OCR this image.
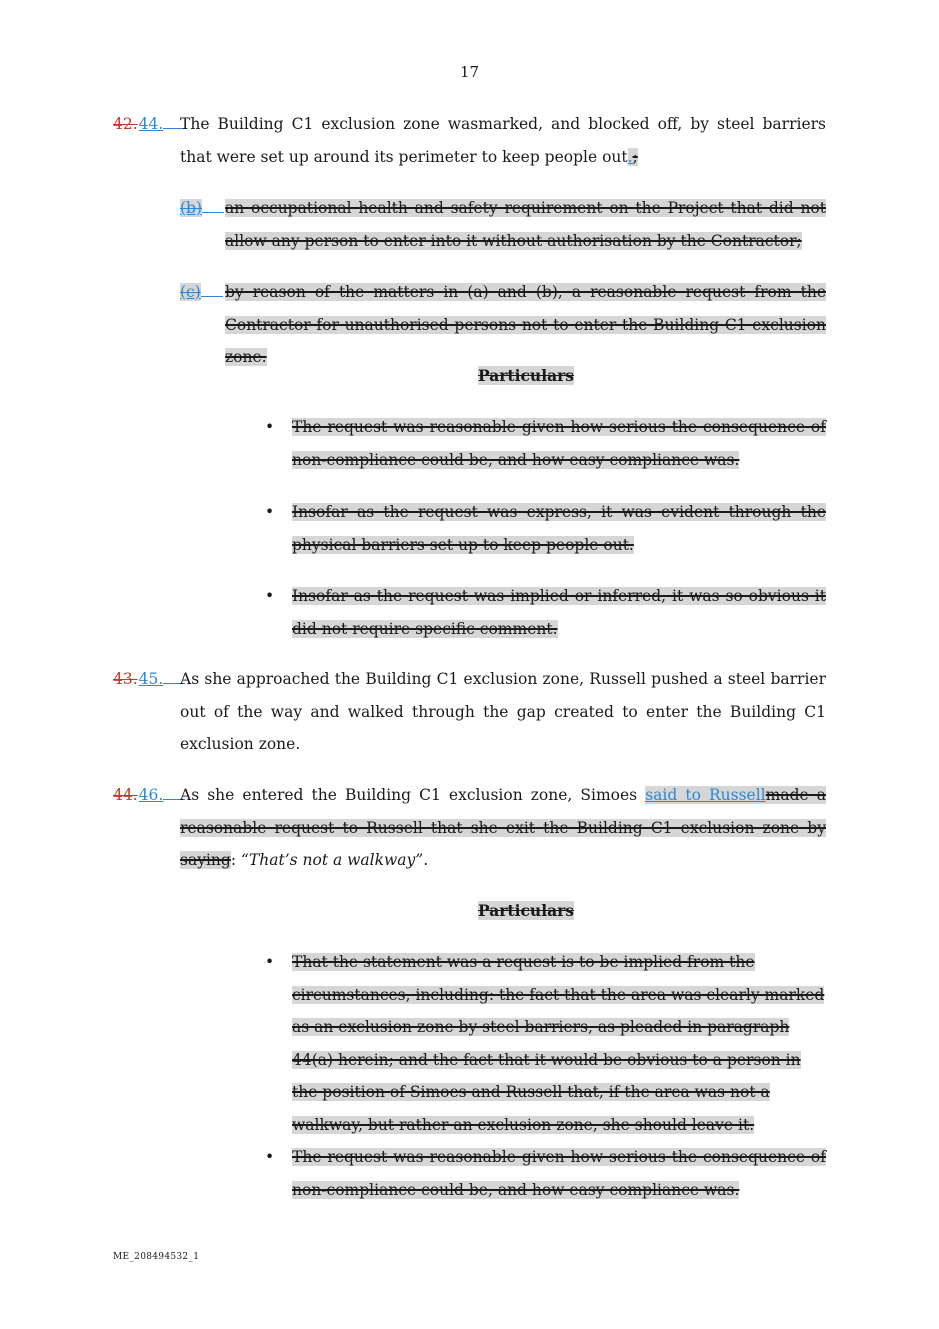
17
42.44.	The Building C1 exclusion zone wasmarked, and blocked off, by steel barriers that were set up around its perimeter to keep people out.;
(b)	an occupational health and safety requirement on the Project that did not allow any person to enter into it without authorisation by the Contractor;
(c)	by reason of the matters in (a) and (b), a reasonable request from the Contractor for unauthorised persons not to enter the Building C1 exclusion zone.
Particulars
• The request was reasonable given how serious the consequence of non-compliance could be, and how easy compliance was.
• Insofar as the request was express, it was evident through the physical barriers set up to keep people out.
• Insofar as the request was implied or inferred, it was so obvious it did not require specific comment.
43.45.	As she approached the Building C1 exclusion zone, Russell pushed a steel barrier out of the way and walked through the gap created to enter the Building C1 exclusion zone.
44.46.	As she entered the Building C1 exclusion zone, Simoes said to Russellmade a reasonable request to Russell that she exit the Building C1 exclusion zone by saying: “That’s not a walkway”.
Particulars
• That the statement was a request is to be implied from the circumstances, including: the fact that the area was clearly marked as an exclusion zone by steel barriers, as pleaded in paragraph 44(a) herein; and the fact that it would be obvious to a person in the position of Simoes and Russell that, if the area was not a walkway, but rather an exclusion zone, she should leave it.
• The request was reasonable given how serious the consequence of non-compliance could be, and how easy compliance was.
ME_208494532_1
